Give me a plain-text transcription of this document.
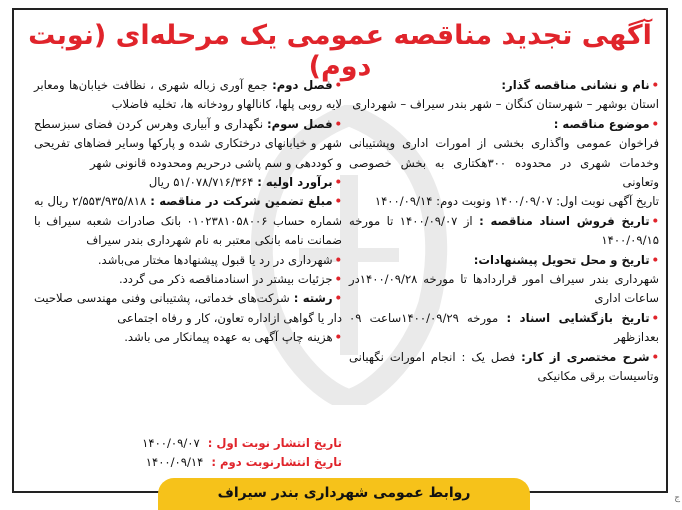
آگهی تجدید مناقصه عمومی یک مرحله‌ای (نوبت دوم)

•نام و نشانی مناقصه گذار:

استان بوشهر – شهرستان کنگان – شهر بندر سیراف – شهرداری

•موضوع مناقصه :

فراخوان عمومی واگذاری بخشی از امورات اداری وپشتیبانی وخدمات شهری در محدوده ۳۰۰هکتاری به بخش خصوصی وتعاونی

تاریخ آگهی نوبت اول: ۱۴۰۰/۰۹/۰۷ ونوبت دوم: ۱۴۰۰/۰۹/۱۴

•تاریخ فروش اسناد مناقصه : از ۱۴۰۰/۰۹/۰۷ تا مورخه ۱۴۰۰/۰۹/۱۵

•تاریخ و محل تحویل پیشنهادات:

شهرداری بندر سیراف امور قراردادها تا مورخه ۱۴۰۰/۰۹/۲۸در ساعات اداری

•تاریخ بازگشایی اسناد : مورخه ۱۴۰۰/۰۹/۲۹ساعت ۰۹ بعدازظهر

•شرح مختصری از کار: فصل یک : انجام امورات نگهبانی وتاسیسات برقی مکانیکی

•فصل دوم: جمع آوری زباله شهری ، نظافت خیابان‌ها ومعابر لایه روبی پلها، کانالهاو رودخانه ها، تخلیه فاضلاب

•فصل سوم: نگهداری و آبیاری وهرس کردن فضای سبزسطح شهر و خیابانهای درختکاری شده و پارکها وسایر فضاهای تفریحی و کوددهی و سم پاشی درحریم ومحدوده قانونی شهر

•برآورد اولیه : ۵۱/۰۷۸/۷۱۶/۳۶۴ ریال

•مبلغ تضمین شرکت در مناقصه : ۲/۵۵۳/۹۳۵/۸۱۸ ریال به شماره حساب ۰۱۰۲۳۸۱۰۵۸۰۰۶ بانک صادرات شعبه سیراف با ضمانت نامه بانکی معتبر به نام شهرداری بندر سیراف

•شهرداری در رد یا قبول پیشنهادها مختار می‌باشد.

•جزئیات بیشتر در اسنادمناقصه ذکر می گردد.

•رشته : شرکت‌های خدماتی، پشتیبانی وفنی مهندسی صلاحیت دار یا گواهی ازاداره تعاون، کار و رفاه اجتماعی

•هزینه چاپ آگهی به عهده پیمانکار می باشد.

تاریخ انتشار نوبت اول :
۱۴۰۰/۰۹/۰۷
تاریخ انتشارنوبت دوم :
۱۴۰۰/۰۹/۱۴
روابط عمومی شهرداری بندر سیراف
ج
